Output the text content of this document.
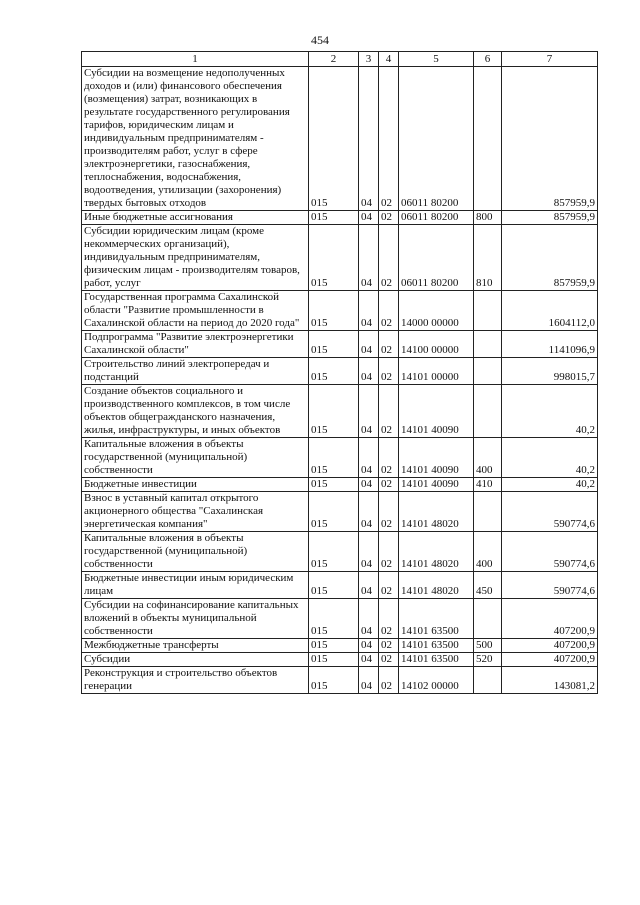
454
1	2	3	4	5	6	7
Субсидии на возмещение недополученных доходов и (или) финансового обеспечения (возмещения) затрат, возникающих в результате государственного регулирования тарифов, юридическим лицам и индивидуальным предпринимателям - производителям работ, услуг в сфере электроэнергетики, газоснабжения, теплоснабжения, водоснабжения, водоотведения, утилизации (захоронения) твердых бытовых отходов	015	04	02	06011 80200		857959,9
Иные бюджетные ассигнования	015	04	02	06011 80200	800	857959,9
Субсидии юридическим лицам (кроме некоммерческих организаций), индивидуальным предпринимателям, физическим лицам - производителям товаров, работ, услуг	015	04	02	06011 80200	810	857959,9
Государственная программа Сахалинской области "Развитие промышленности в Сахалинской области на период до 2020 года"	015	04	02	14000 00000		1604112,0
Подпрограмма "Развитие электроэнергетики Сахалинской области"	015	04	02	14100 00000		1141096,9
Строительство линий электропередач и подстанций	015	04	02	14101 00000		998015,7
Создание объектов социального и производственного комплексов, в том числе объектов общегражданского назначения, жилья, инфраструктуры, и иных объектов	015	04	02	14101 40090		40,2
Капитальные вложения в объекты государственной (муниципальной) собственности	015	04	02	14101 40090	400	40,2
Бюджетные инвестиции	015	04	02	14101 40090	410	40,2
Взнос в уставный капитал открытого акционерного общества "Сахалинская энергетическая компания"	015	04	02	14101 48020		590774,6
Капитальные вложения в объекты государственной (муниципальной) собственности	015	04	02	14101 48020	400	590774,6
Бюджетные инвестиции иным юридическим лицам	015	04	02	14101 48020	450	590774,6
Субсидии на софинансирование капитальных вложений в объекты муниципальной собственности	015	04	02	14101 63500		407200,9
Межбюджетные трансферты	015	04	02	14101 63500	500	407200,9
Субсидии	015	04	02	14101 63500	520	407200,9
Реконструкция и строительство объектов генерации	015	04	02	14102 00000		143081,2
